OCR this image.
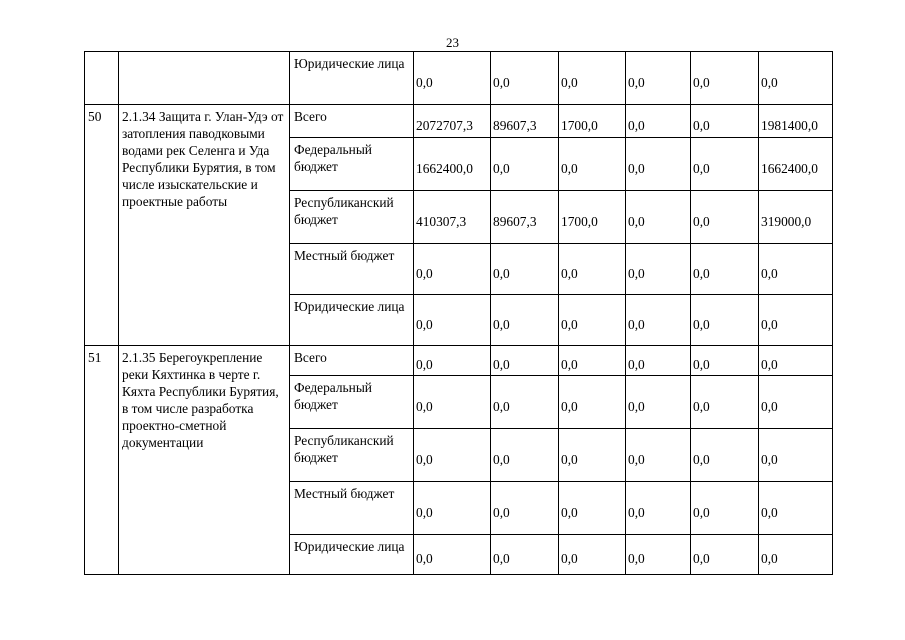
23
		Юридические лица	0,0	0,0	0,0	0,0	0,0	0,0

50	2.1.34 Защита г. Улан-Удэ от затопления паводковыми водами рек Селенга и Уда Республики Бурятия, в том числе изыскательские и проектные работы	Всего	2072707,3	89607,3	1700,0	0,0	0,0	1981400,0

		Федеральный бюджет	1662400,0	0,0	0,0	0,0	0,0	1662400,0

		Республиканский бюджет	410307,3	89607,3	1700,0	0,0	0,0	319000,0

		Местный бюджет	0,0	0,0	0,0	0,0	0,0	0,0

		Юридические лица	0,0	0,0	0,0	0,0	0,0	0,0

51	2.1.35 Берегоукрепление реки Кяхтинка в черте г. Кяхта Республики Бурятия, в том числе разработка проектно-сметной документации	Всего	0,0	0,0	0,0	0,0	0,0	0,0

		Федеральный бюджет	0,0	0,0	0,0	0,0	0,0	0,0

		Республиканский бюджет	0,0	0,0	0,0	0,0	0,0	0,0

		Местный бюджет	0,0	0,0	0,0	0,0	0,0	0,0

		Юридические лица	0,0	0,0	0,0	0,0	0,0	0,0
